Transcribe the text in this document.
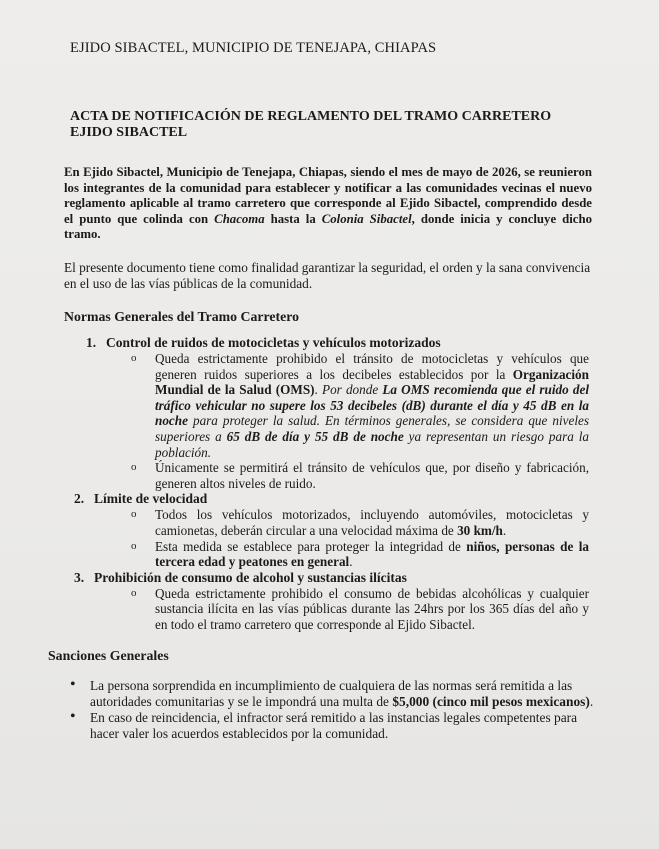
EJIDO SIBACTEL, MUNICIPIO DE TENEJAPA, CHIAPAS
ACTA DE NOTIFICACIÓN DE REGLAMENTO DEL TRAMO CARRETERO
EJIDO SIBACTEL

En Ejido Sibactel, Municipio de Tenejapa, Chiapas, siendo el mes de mayo de 2026, se reunieron los integrantes de la comunidad para establecer y notificar a las comunidades vecinas el nuevo reglamento aplicable al tramo carretero que corresponde al Ejido Sibactel, comprendido desde el punto que colinda con Chacoma hasta la Colonia Sibactel, donde inicia y concluye dicho tramo.

El presente documento tiene como finalidad garantizar la seguridad, el orden y la sana convivencia en el uso de las vías públicas de la comunidad.

Normas Generales del Tramo Carretero
1. Control de ruidos de motocicletas y vehículos motorizados
o Queda estrictamente prohibido el tránsito de motocicletas y vehículos que generen ruidos superiores a los decibeles establecidos por la Organización Mundial de la Salud (OMS). Por donde La OMS recomienda que el ruido del tráfico vehicular no supere los 53 decibeles (dB) durante el día y 45 dB en la noche para proteger la salud. En términos generales, se considera que niveles superiores a 65 dB de día y 55 dB de noche ya representan un riesgo para la población.
o Únicamente se permitirá el tránsito de vehículos que, por diseño y fabricación, generen altos niveles de ruido.
2. Límite de velocidad
o Todos los vehículos motorizados, incluyendo automóviles, motocicletas y camionetas, deberán circular a una velocidad máxima de 30 km/h.
o Esta medida se establece para proteger la integridad de niños, personas de la tercera edad y peatones en general.
3. Prohibición de consumo de alcohol y sustancias ilícitas
o Queda estrictamente prohibido el consumo de bebidas alcohólicas y cualquier sustancia ilícita en las vías públicas durante las 24hrs por los 365 días del año y en todo el tramo carretero que corresponde al Ejido Sibactel.
Sanciones Generales
• La persona sorprendida en incumplimiento de cualquiera de las normas será remitida a las autoridades comunitarias y se le impondrá una multa de $5,000 (cinco mil pesos mexicanos).
• En caso de reincidencia, el infractor será remitido a las instancias legales competentes para hacer valer los acuerdos establecidos por la comunidad.
